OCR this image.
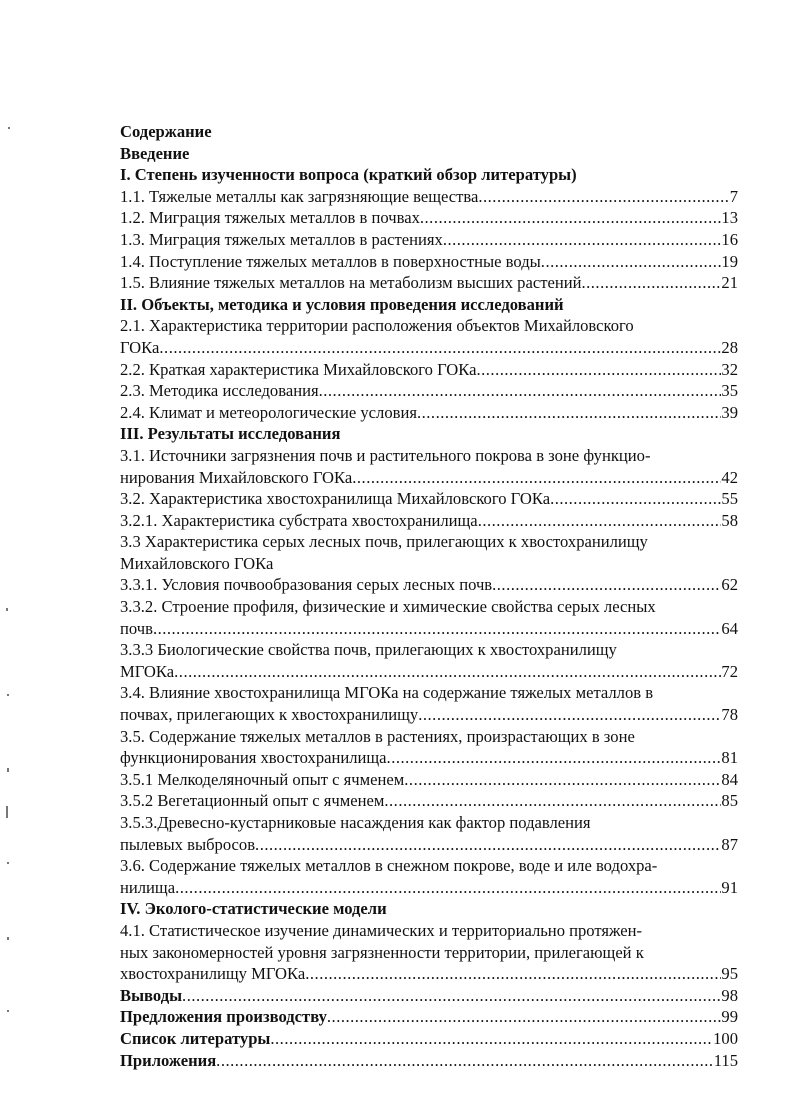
Содержание
Введение
I. Степень изученности вопроса (краткий обзор литературы)
1.1. Тяжелые металлы как загрязняющие вещества .....	7
1.2. Миграция тяжелых металлов в почвах .....	13
1.3. Миграция тяжелых металлов в растениях .....	16
1.4. Поступление тяжелых металлов в поверхностные воды .....	19
1.5. Влияние тяжелых металлов на метаболизм высших растений .....	21
II. Объекты, методика и условия проведения исследований
2.1. Характеристика территории расположения объектов Михайловского
ГОКа .....	28
2.2. Краткая характеристика Михайловского ГОКа .....	32
2.3. Методика исследования .....	35
2.4. Климат и метеорологические условия .....	39
III. Результаты исследования
3.1. Источники загрязнения почв и растительного покрова в зоне функцио-
нирования Михайловского ГОКа .....	42
3.2. Характеристика хвостохранилища Михайловского ГОКа .....	55
3.2.1. Характеристика субстрата хвостохранилища .....	58
3.3 Характеристика серых лесных почв, прилегающих к хвостохранилищу
Михайловского ГОКа
3.3.1. Условия почвообразования серых лесных почв .....	62
3.3.2. Строение профиля, физические и химические свойства серых лесных
почв .....	64
3.3.3 Биологические свойства почв, прилегающих к хвостохранилищу
МГОКа .....	72
3.4. Влияние хвостохранилища МГОКа на содержание тяжелых металлов в
почвах, прилегающих к хвостохранилищу .....	78
3.5. Содержание тяжелых металлов в растениях, произрастающих в зоне
функционирования хвостохранилища .....	81
3.5.1 Мелкоделяночный опыт с ячменем .....	84
3.5.2 Вегетационный опыт с ячменем .....	85
3.5.3.Древесно-кустарниковые насаждения как фактор подавления
пылевых выбросов .....	87
3.6. Содержание тяжелых металлов в снежном покрове, воде и иле водохра-
нилища .....	91
IV. Эколого-статистические модели
4.1. Статистическое изучение динамических и территориально протяжен-
ных закономерностей уровня загрязненности территории, прилегающей к
хвостохранилищу МГОКа .....	95
Выводы .....	98
Предложения производству .....	99
Список литературы .....	100
Приложения .....	115
